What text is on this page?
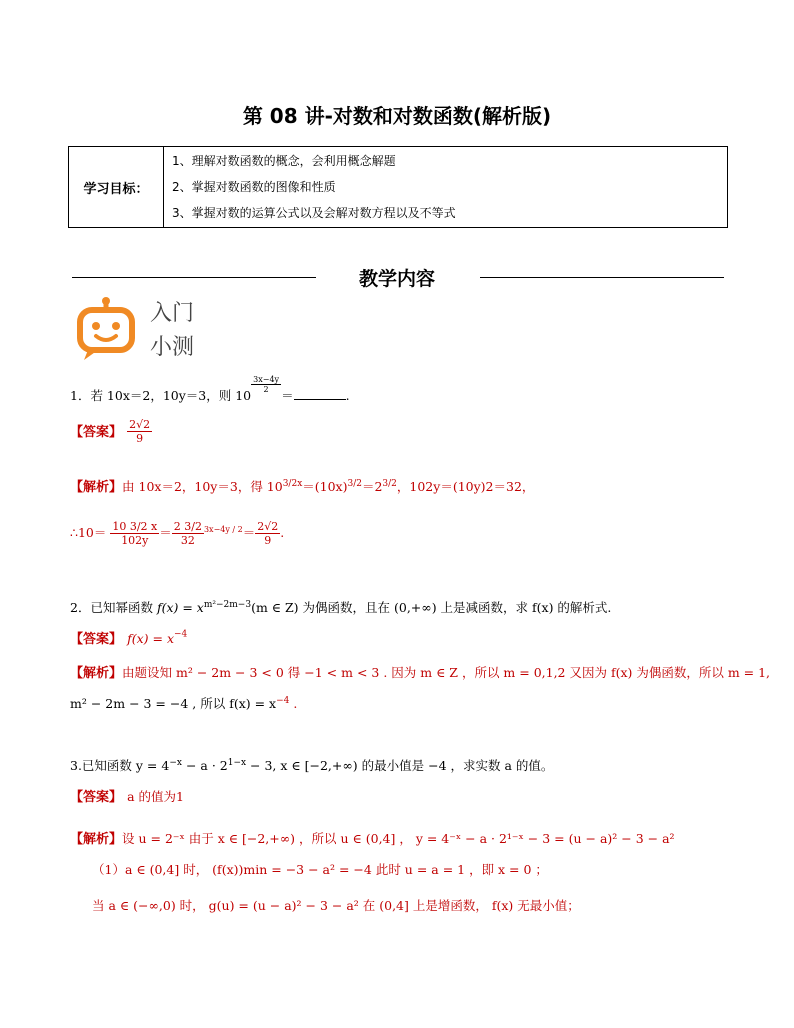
第 08 讲-对数和对数函数(解析版)
学习目标：	
1、理解对数函数的概念，会利用概念解题
2、掌握对数函数的图像和性质
3、掌握对数的运算公式以及会解对数方程以及不等式
教学内容
入门
小测
1．若 10x＝2，10y＝3，则 10
$\frac{3x-4y}{2}$
＝	.
【答案】 $\frac{2√2}{9}$
【解析】由 10x＝2，10y＝3，得 $10^{3/2x}=(10x)^{3/2}=2^{3/2}$，102y＝(10y)2＝32，
∴10＝ $\frac{10 3/2 x}{102y} = \frac{2 3/2}{32} ^{3x-4y / 2}= \frac{2√2}{9}$ .
2．已知幂函数 $f(x) = x^{m^2-2m-3}(m$ ∈ Z) 为偶函数，且在 (0,+∞) 上是减函数，求 f(x) 的解析式.
【答案】 $f(x) = x^{-4}$
【解析】由题设知 m² − 2m − 3 < 0 得 −1 < m < 3 . 因为 m ∈ Z ，所以 m = 0,1,2 又因为 f(x) 为偶函数，所以 m = 1,
m² − 2m − 3 = −4 , 所以 $f(x) = x^{-4}$ .
3.已知函数 $y = 4^{-x} - a \cdot 2^{1-x} - 3$, x ∈ [−2,+∞) 的最小值是 −4 ，求实数 a 的值。
【答案】 a 的值为1
【解析】设 u = 2⁻ˣ 由于 x ∈ [−2,+∞) ，所以 u ∈ (0,4] ， y = 4⁻ˣ − a · 2¹⁻ˣ − 3 = (u − a)² − 3 − a²
（1）a ∈ (0,4] 时， (f(x))min = −3 − a² = −4 此时 u = a = 1 ，即 x = 0 ；
当 a ∈ (−∞,0) 时， g(u) = (u − a)² − 3 − a² 在 (0,4] 上是增函数， f(x) 无最小值；
